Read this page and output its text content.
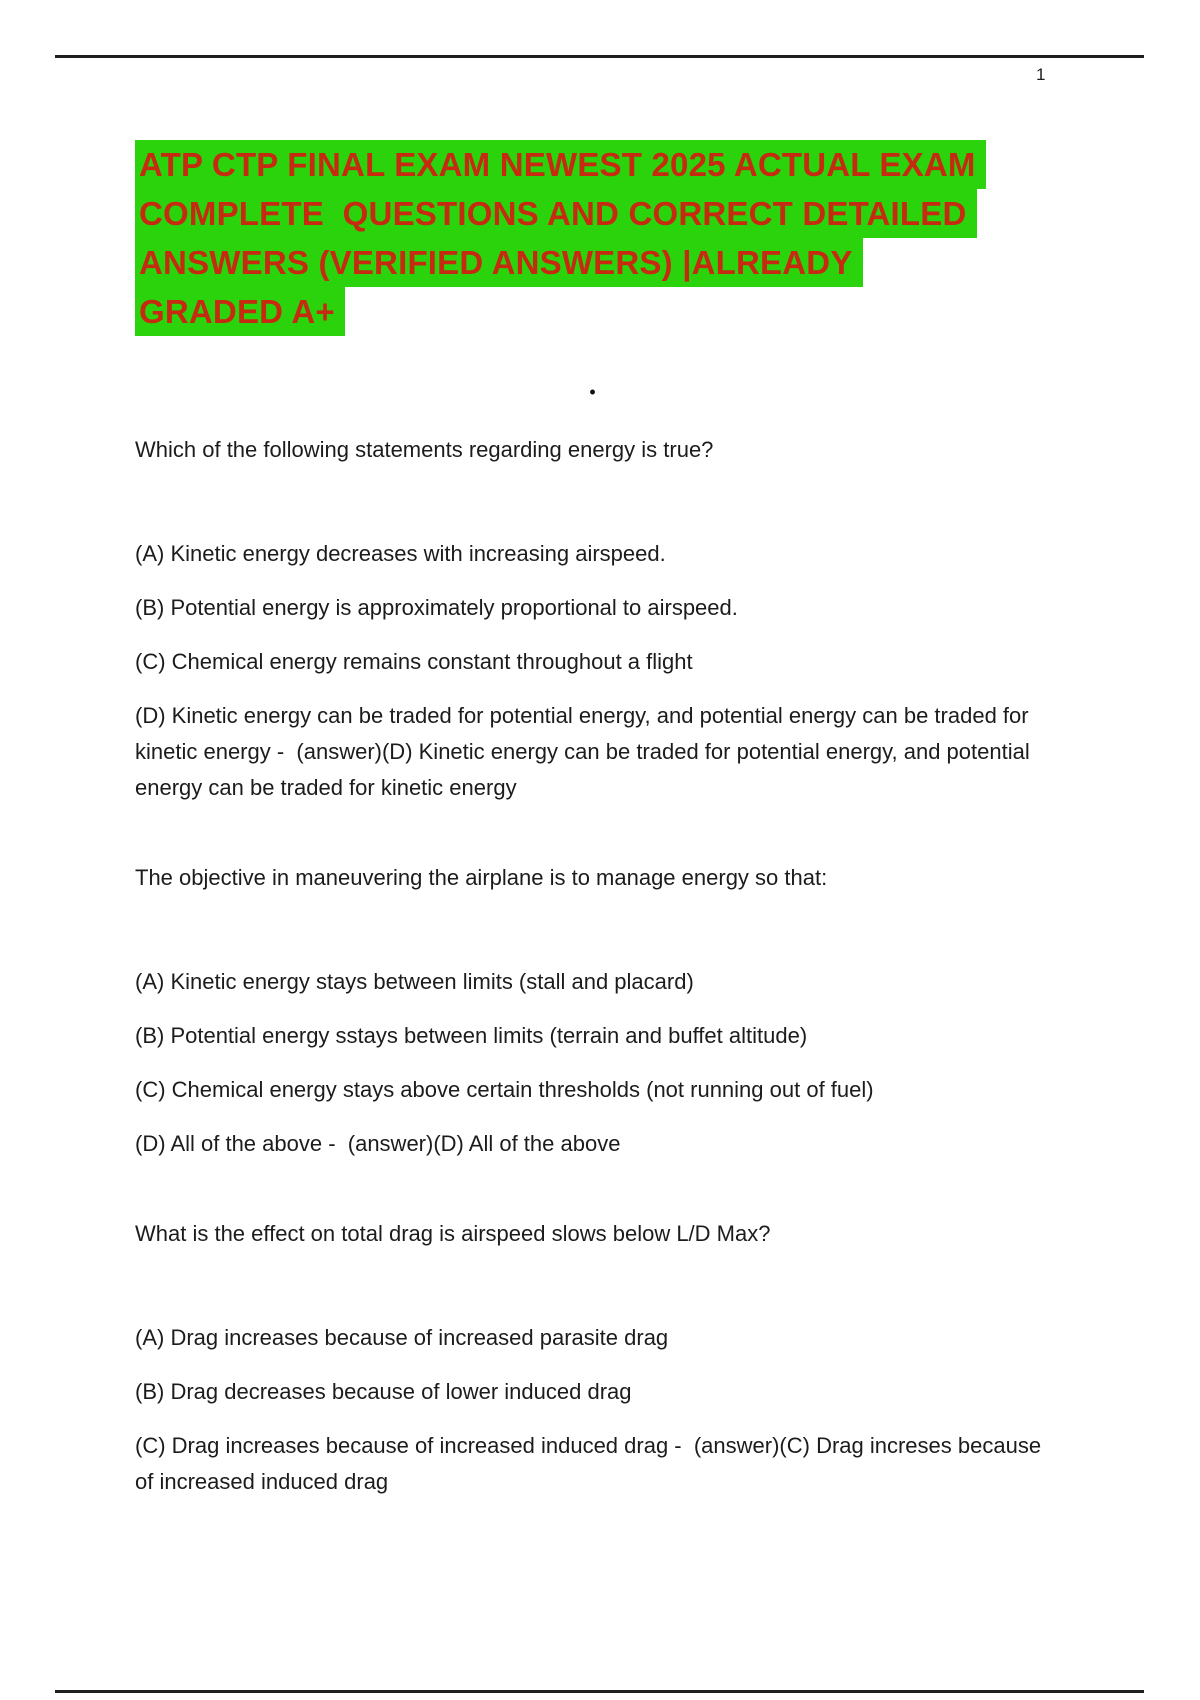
1
ATP CTP FINAL EXAM NEWEST 2025 ACTUAL EXAM
COMPLETE  QUESTIONS AND CORRECT DETAILED
ANSWERS (VERIFIED ANSWERS) |ALREADY
GRADED A+
•

Which of the following statements regarding energy is true?

(A) Kinetic energy decreases with increasing airspeed.

(B) Potential energy is approximately proportional to airspeed.

(C) Chemical energy remains constant throughout a flight

(D) Kinetic energy can be traded for potential energy, and potential energy can be traded for kinetic energy -  (answer)(D) Kinetic energy can be traded for potential energy, and potential energy can be traded for kinetic energy

The objective in maneuvering the airplane is to manage energy so that:

(A) Kinetic energy stays between limits (stall and placard)

(B) Potential energy sstays between limits (terrain and buffet altitude)

(C) Chemical energy stays above certain thresholds (not running out of fuel)

(D) All of the above -  (answer)(D) All of the above

What is the effect on total drag is airspeed slows below L/D Max?

(A) Drag increases because of increased parasite drag

(B) Drag decreases because of lower induced drag

(C) Drag increases because of increased induced drag -  (answer)(C) Drag increses because of increased induced drag
